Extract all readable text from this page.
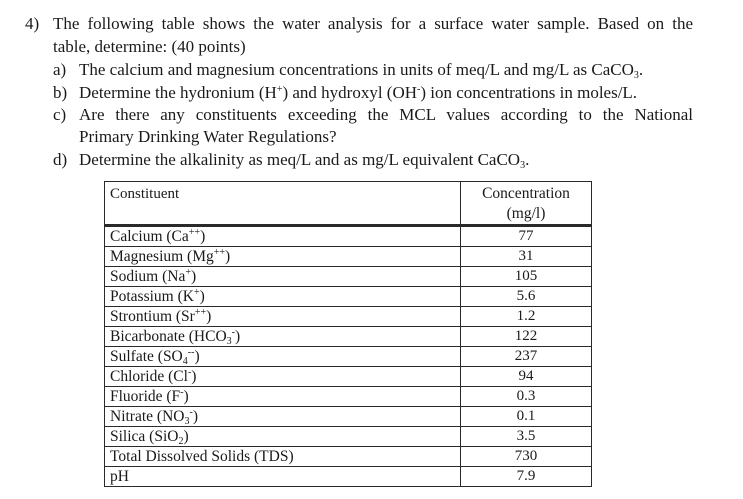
4) The following table shows the water analysis for a surface water sample. Based on the
table, determine: (40 points)
a) The calcium and magnesium concentrations in units of meq/L and mg/L as CaCO$_3$.
b) Determine the hydronium (H+) and hydroxyl (OH-) ion concentrations in moles/L.
c) Are there any constituents exceeding the MCL values according to the National
Primary Drinking Water Regulations?
d) Determine the alkalinity as meq/L and as mg/L equivalent CaCO$_3$.
Constituent	Concentration
(mg/l)
Calcium (Ca++)	77
Magnesium (Mg++)	31
Sodium (Na+)	105
Potassium (K+)	5.6
Strontium (Sr++)	1.2
Bicarbonate $(HCO_3^-)$	122
Sulfate $(SO_4^{--})$	237
Chloride (Cl-)	94
Fluoride (F-)	0.3
Nitrate $(NO_3^-)$	0.1
Silica (SiO$_2$)	3.5
Total Dissolved Solids (TDS)	730
pH	7.9
